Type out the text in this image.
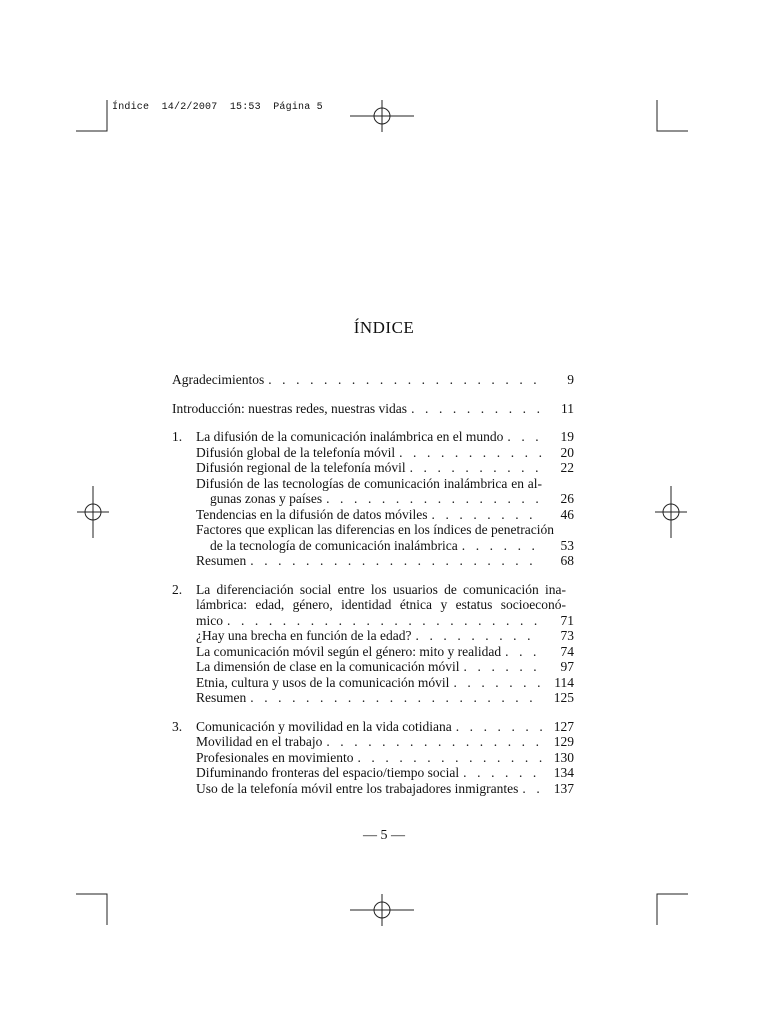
Índice  14/2/2007  15:53  Página 5
ÍNDICE
Agradecimientos . . .	9
Introducción: nuestras redes, nuestras vidas . . .	11
1. La difusión de la comunicación inalámbrica en el mundo . . .	19
Difusión global de la telefonía móvil . . .	20
Difusión regional de la telefonía móvil . . .	22
Difusión de las tecnologías de comunicación inalámbrica en al-
gunas zonas y países . . .	26
Tendencias en la difusión de datos móviles . . .	46
Factores que explican las diferencias en los índices de penetración
de la tecnología de comunicación inalámbrica . . .	53
Resumen . . .	68
2. La diferenciación social entre los usuarios de comunicación ina-
lámbrica: edad, género, identidad étnica y estatus socioeconó-
mico . . .	71
¿Hay una brecha en función de la edad? . . .	73
La comunicación móvil según el género: mito y realidad . . .	74
La dimensión de clase en la comunicación móvil . . .	97
Etnia, cultura y usos de la comunicación móvil . . .	114
Resumen . . .	125
3. Comunicación y movilidad en la vida cotidiana . . .	127
Movilidad en el trabajo . . .	129
Profesionales en movimiento . . .	130
Difuminando fronteras del espacio/tiempo social . . .	134
Uso de la telefonía móvil entre los trabajadores inmigrantes . . .	137
— 5 —
